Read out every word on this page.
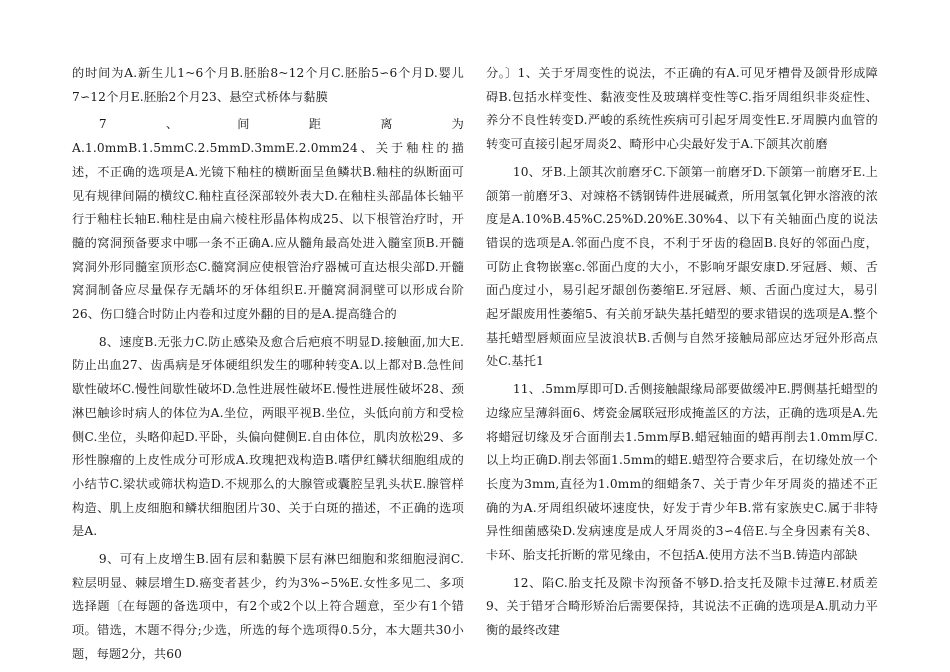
的时间为A.新生儿1~6个月B.胚胎8~12个月C.胚胎5∽6个月D.婴儿7∽12个月E.胚胎2个月23、悬空式桥体与黏膜

7、间距离为A.1.0mmB.1.5mmC.2.5mmD.3mmE.2.0mm24、关于釉柱的描述，不正确的选项是A.光镜下釉柱的横断面呈鱼鳞状B.釉柱的纵断面可见有规律间隔的横纹C.釉柱直径深部较外表大D.在釉柱头部晶体长轴平行于釉柱长轴E.釉柱是由扁六棱柱形晶体构成25、以下根管治疗时，开髓的窝洞预备要求中哪一条不正确A.应从髓角最高处进入髓室顶B.开髓窝洞外形同髓室顶形态C.髓窝洞应使根管治疗器械可直达根尖部D.开髓窝洞制备应尽量保存无龋坏的牙体组织E.开髓窝洞洞壁可以形成台阶26、伤口缝合时防止内卷和过度外翻的目的是A.提高缝合的

8、速度B.无张力C.防止感染及愈合后疤痕不明显D.接触面,加大E.防止出血27、齿禹病是牙体硬组织发生的哪种转变A.以上都对B.急性间歇性破坏C.慢性间歇性破坏D.急性进展性破坏E.慢性进展性破坏28、颈淋巴触诊时病人的体位为A.坐位，两眼平视B.坐位，头低向前方和受检侧C.坐位，头略仰起D.平卧，头偏向健侧E.自由体位，肌肉放松29、多形性腺瘤的上皮性成分可形成A.玫瑰把戏构造B.嗜伊红鳞状细胞组成的小结节C.梁状或筛状构造D.不规那么的大腺管或囊腔呈乳头状E.腺管样构造、肌上皮细胞和鳞状细胞团片30、关于白斑的描述，不正确的选项是A.

9、可有上皮增生B.固有层和黏膜下层有淋巴细胞和浆细胞浸润C.粒层明显、棘层增生D.癌变者甚少，约为3%∽5%E.女性多见二、多项选择题〔在每题的备选项中，有2个或2个以上符合题意，至少有1个错项。错选，木题不得分;少选，所选的每个选项得0.5分，本大题共30小题，每题2分，共60

分。〕1、关于牙周变性的说法，不正确的有A.可见牙槽骨及颌骨形成障碍B.包括水样变性、黏液变性及玻璃样变性等C.指牙周组织非炎症性、养分不良性转变D.严峻的系统性疾病可引起牙周变性E.牙周膜内血管的转变可直接引起牙周炎2、畸形中心尖最好发于A.下颌其次前磨

10、牙B.上颌其次前磨牙C.下颌第一前磨牙D.下颌第一前磨牙E.上颌第一前磨牙3、对竦格不锈钢铸件进展碱煮，所用氢氧化钾水溶液的浓度是A.10%B.45%C.25%D.20%E.30%4、以下有关轴面凸度的说法错误的选项是A.邻面凸度不良，不利于牙齿的稳固B.良好的邻面凸度，可防止食物嵌塞c.邻面凸度的大小，不影响牙龈安康D.牙冠唇、颊、舌面凸度过小，易引起牙龈创伤萎缩E.牙冠唇、颊、舌面凸度过大，易引起牙龈废用性萎缩5、有关前牙缺失基托蜡型的要求错误的选项是A.整个基托蜡型唇颊面应呈波浪状B.舌侧与自然牙接触局部应达牙冠外形高点处C.基托1

11、.5mm厚即可D.舌侧接触龈缘局部要做缓冲E.腭侧基托蜡型的边缘应呈薄斜面6、烤瓷金属联冠形成掩盖区的方法，正确的选项是A.先将蜡冠切缘及牙合面削去1.5mm厚B.蜡冠轴面的蜡再削去1.0mm厚C.以上均正确D.削去邻面1.5mm的蜡E.蜡型符合要求后，在切缘处放一个长度为3mm,直径为1.0mm的细蜡条7、关于青少年牙周炎的描述不正确的为A.牙周组织破坏速度快，好发于青少年B.常有家族史C.属于非特异性细菌感染D.发病速度是成人牙周炎的3∽4倍E.与全身因素有关8、卡环、胎支托折断的常见缘由，不包括A.使用方法不当B.铸造内部缺

12、陷C.胎支托及隙卡沟预备不够D.拾支托及隙卡过薄E.材质差9、关于错牙合畸形矫治后需要保持，其说法不正确的选项是A.肌动力平衡的最终改建
